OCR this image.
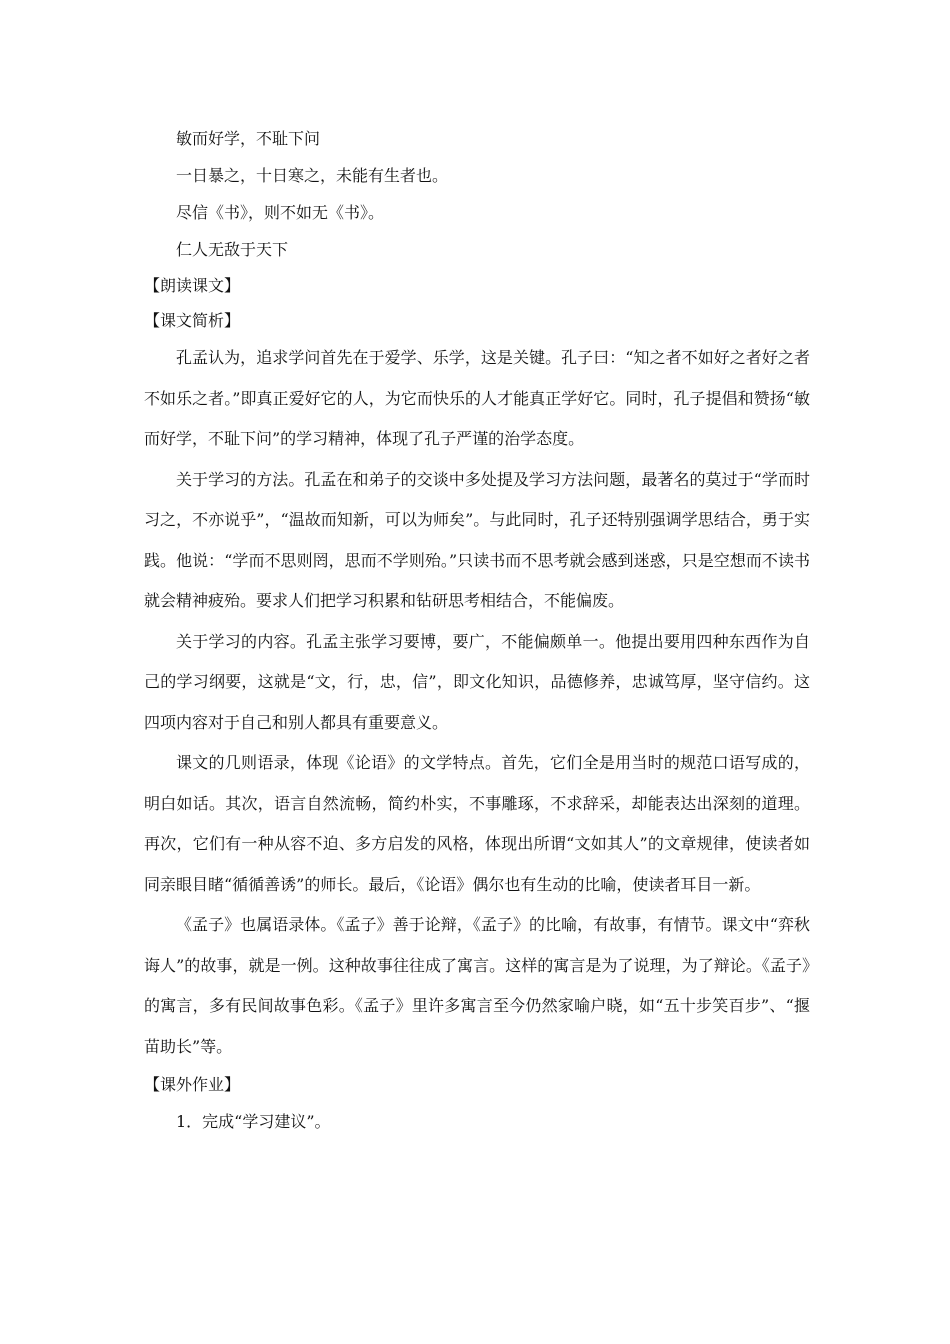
敏而好学，不耻下问
一日暴之，十日寒之，未能有生者也。
尽信《书》，则不如无《书》。
仁人无敌于天下
【朗读课文】
【课文简析】

孔孟认为，追求学问首先在于爱学、乐学，这是关键。孔子曰：“知之者不如好之者好之者不如乐之者。”即真正爱好它的人，为它而快乐的人才能真正学好它。同时，孔子提倡和赞扬“敏而好学，不耻下问”的学习精神，体现了孔子严谨的治学态度。

关于学习的方法。孔孟在和弟子的交谈中多处提及学习方法问题，最著名的莫过于“学而时习之，不亦说乎”，“温故而知新，可以为师矣”。与此同时，孔子还特别强调学思结合，勇于实践。他说：“学而不思则罔，思而不学则殆。”只读书而不思考就会感到迷惑，只是空想而不读书就会精神疲殆。要求人们把学习积累和钻研思考相结合，不能偏废。

关于学习的内容。孔孟主张学习要博，要广，不能偏颇单一。他提出要用四种东西作为自己的学习纲要，这就是“文，行，忠，信”，即文化知识，品德修养，忠诚笃厚，坚守信约。这四项内容对于自己和别人都具有重要意义。

课文的几则语录，体现《论语》的文学特点。首先，它们全是用当时的规范口语写成的，明白如话。其次，语言自然流畅，简约朴实，不事雕琢，不求辞采，却能表达出深刻的道理。再次，它们有一种从容不迫、多方启发的风格，体现出所谓“文如其人”的文章规律，使读者如同亲眼目睹“循循善诱”的师长。最后，《论语》偶尔也有生动的比喻，使读者耳目一新。

《孟子》也属语录体。《孟子》善于论辩，《孟子》的比喻，有故事，有情节。课文中“弈秋诲人”的故事，就是一例。这种故事往往成了寓言。这样的寓言是为了说理，为了辩论。《孟子》的寓言，多有民间故事色彩。《孟子》里许多寓言至今仍然家喻户晓，如“五十步笑百步”、“揠苗助长”等。

【课外作业】
1．完成“学习建议”。
